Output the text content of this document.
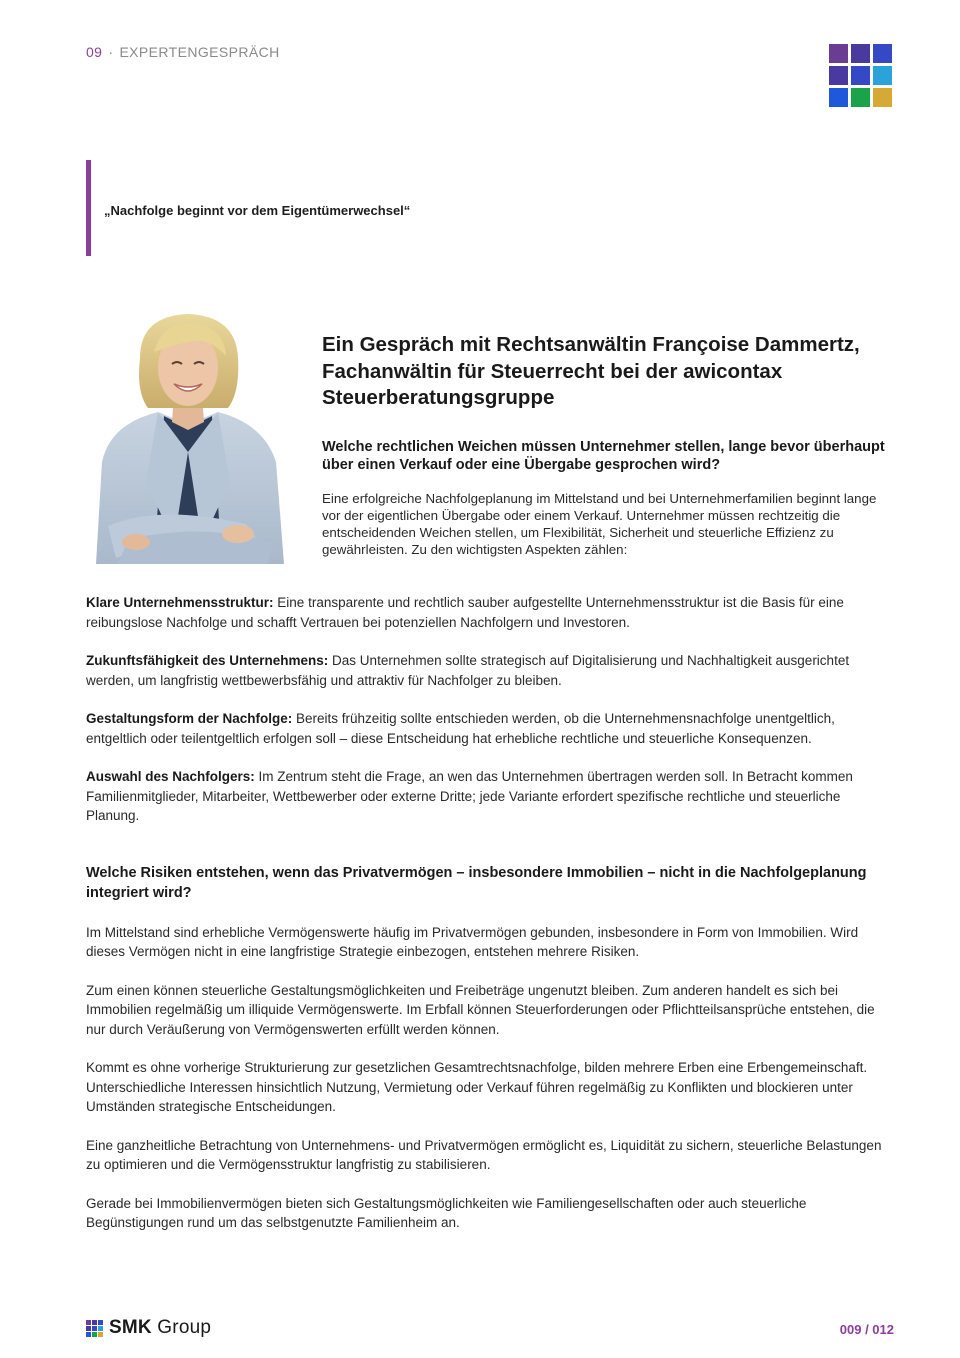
09 · EXPERTENGESPRÄCH
„Nachfolge beginnt vor dem Eigentümerwechsel“
Ein Gespräch mit Rechtsanwältin Françoise Dammertz, Fachanwältin für Steuerrecht bei der awicontax Steuerberatungsgruppe
Welche rechtlichen Weichen müssen Unternehmer stellen, lange bevor überhaupt über einen Verkauf oder eine Übergabe gesprochen wird?

Eine erfolgreiche Nachfolgeplanung im Mittelstand und bei Unternehmerfamilien beginnt lange vor der eigentlichen Übergabe oder einem Verkauf. Unternehmer müssen rechtzeitig die entscheidenden Weichen stellen, um Flexibilität, Sicherheit und steuerliche Effizienz zu gewährleisten. Zu den wichtigsten Aspekten zählen:

Klare Unternehmensstruktur: Eine transparente und rechtlich sauber aufgestellte Unternehmensstruktur ist die Basis für eine reibungslose Nachfolge und schafft Vertrauen bei potenziellen Nachfolgern und Investoren.

Zukunftsfähigkeit des Unternehmens: Das Unternehmen sollte strategisch auf Digitalisierung und Nachhaltigkeit ausgerichtet werden, um langfristig wettbewerbsfähig und attraktiv für Nachfolger zu bleiben.

Gestaltungsform der Nachfolge: Bereits frühzeitig sollte entschieden werden, ob die Unternehmensnachfolge unentgeltlich, entgeltlich oder teilentgeltlich erfolgen soll – diese Entscheidung hat erhebliche rechtliche und steuerliche Konsequenzen.

Auswahl des Nachfolgers: Im Zentrum steht die Frage, an wen das Unternehmen übertragen werden soll. In Betracht kommen Familienmitglieder, Mitarbeiter, Wettbewerber oder externe Dritte; jede Variante erfordert spezifische rechtliche und steuerliche Planung.

Welche Risiken entstehen, wenn das Privatvermögen – insbesondere Immobilien – nicht in die Nachfolgeplanung integriert wird?

Im Mittelstand sind erhebliche Vermögenswerte häufig im Privatvermögen gebunden, insbesondere in Form von Immobilien. Wird dieses Vermögen nicht in eine langfristige Strategie einbezogen, entstehen mehrere Risiken.

Zum einen können steuerliche Gestaltungsmöglichkeiten und Freibeträge ungenutzt bleiben. Zum anderen handelt es sich bei Immobilien regelmäßig um illiquide Vermögenswerte. Im Erbfall können Steuerforderungen oder Pflichtteilsansprüche entstehen, die nur durch Veräußerung von Vermögenswerten erfüllt werden können.

Kommt es ohne vorherige Strukturierung zur gesetzlichen Gesamtrechtsnachfolge, bilden mehrere Erben eine Erbengemeinschaft. Unterschiedliche Interessen hinsichtlich Nutzung, Vermietung oder Verkauf führen regelmäßig zu Konflikten und blockieren unter Umständen strategische Entscheidungen.

Eine ganzheitliche Betrachtung von Unternehmens- und Privatvermögen ermöglicht es, Liquidität zu sichern, steuerliche Belastungen zu optimieren und die Vermögensstruktur langfristig zu stabilisieren.

Gerade bei Immobilienvermögen bieten sich Gestaltungsmöglichkeiten wie Familiengesellschaften oder auch steuerliche Begünstigungen rund um das selbstgenutzte Familienheim an.

SMK Group	009 / 012
